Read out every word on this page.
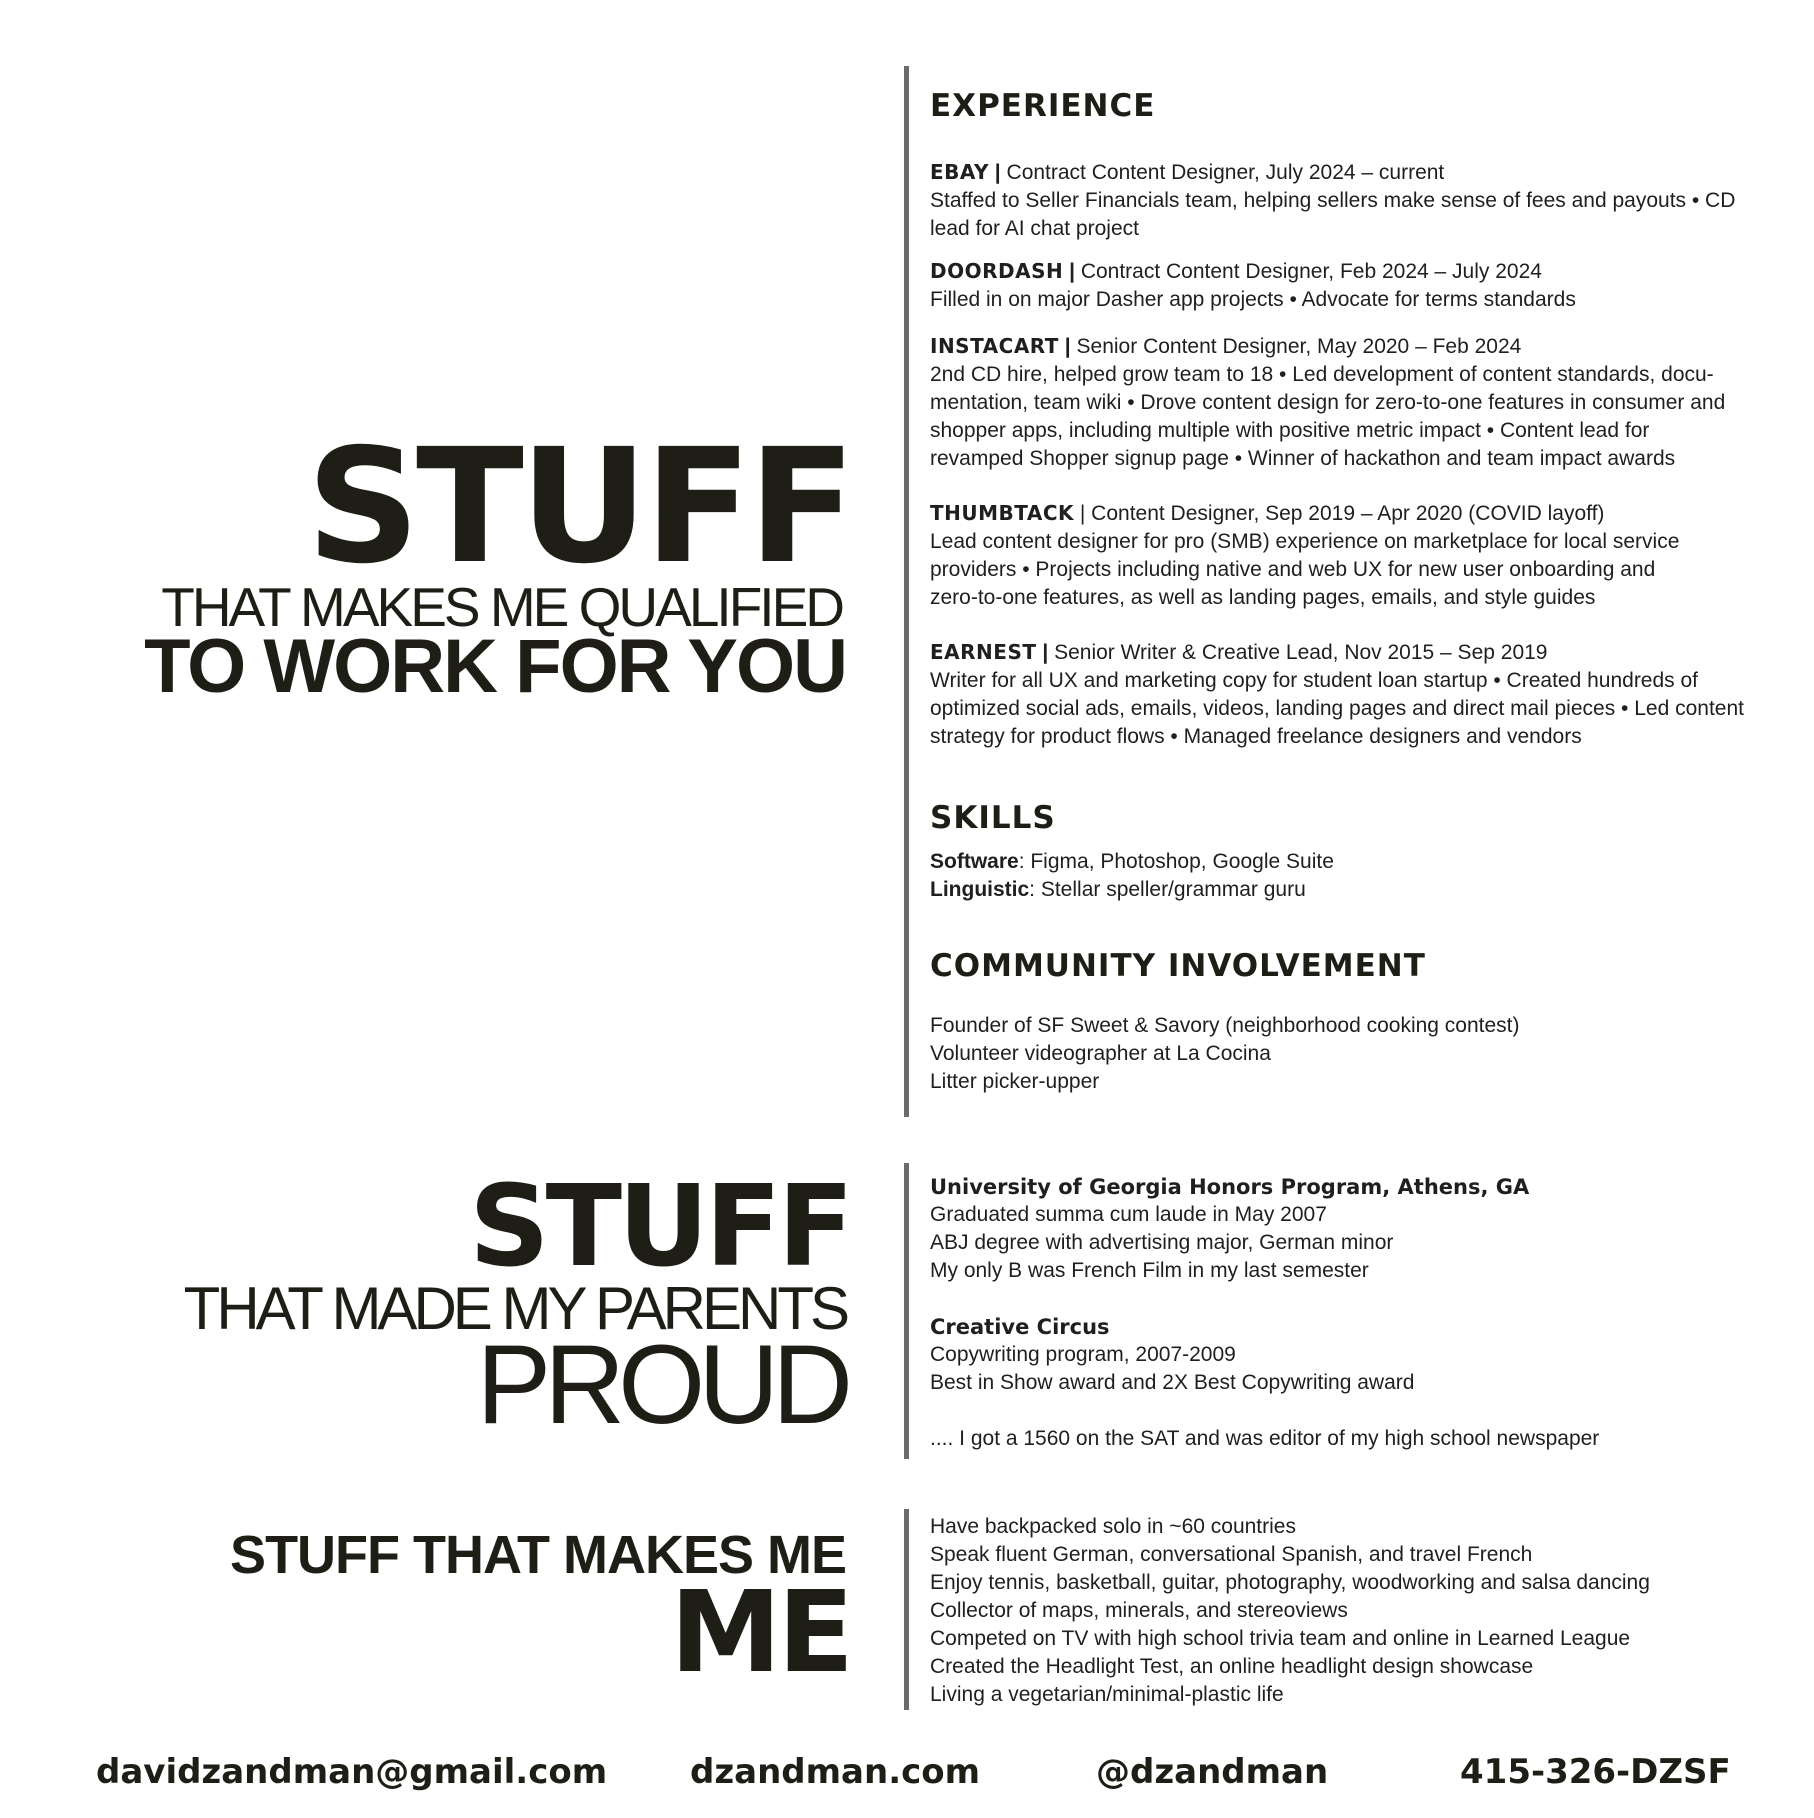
STUFF
THAT MAKES ME QUALIFIED
TO WORK FOR YOU
STUFF
THAT MADE MY PARENTS
PROUD
STUFF THAT MAKES ME
ME
EXPERIENCE
EBAY | Contract Content Designer, July 2024 – current
Staffed to Seller Financials team, helping sellers make sense of fees and payouts • CD
lead for AI chat project
DOORDASH | Contract Content Designer, Feb 2024 – July 2024
Filled in on major Dasher app projects • Advocate for terms standards
INSTACART | Senior Content Designer, May 2020 – Feb 2024
2nd CD hire, helped grow team to 18 • Led development of content standards, docu-
mentation, team wiki • Drove content design for zero-to-one features in consumer and
shopper apps, including multiple with positive metric impact • Content lead for
revamped Shopper signup page • Winner of hackathon and team impact awards
THUMBTACK | Content Designer, Sep 2019 – Apr 2020 (COVID layoff)
Lead content designer for pro (SMB) experience on marketplace for local service
providers • Projects including native and web UX for new user onboarding and
zero-to-one features, as well as landing pages, emails, and style guides
EARNEST | Senior Writer & Creative Lead, Nov 2015 – Sep 2019
Writer for all UX and marketing copy for student loan startup • Created hundreds of
optimized social ads, emails, videos, landing pages and direct mail pieces • Led content
strategy for product flows • Managed freelance designers and vendors
SKILLS
Software: Figma, Photoshop, Google Suite
Linguistic: Stellar speller/grammar guru
COMMUNITY INVOLVEMENT
Founder of SF Sweet & Savory (neighborhood cooking contest)
Volunteer videographer at La Cocina
Litter picker-upper
University of Georgia Honors Program, Athens, GA
Graduated summa cum laude in May 2007
ABJ degree with advertising major, German minor
My only B was French Film in my last semester
Creative Circus
Copywriting program, 2007-2009
Best in Show award and 2X Best Copywriting award
.... I got a 1560 on the SAT and was editor of my high school newspaper
Have backpacked solo in ~60 countries
Speak fluent German, conversational Spanish, and travel French
Enjoy tennis, basketball, guitar, photography, woodworking and salsa dancing
Collector of maps, minerals, and stereoviews
Competed on TV with high school trivia team and online in Learned League
Created the Headlight Test, an online headlight design showcase
Living a vegetarian/minimal-plastic life
davidzandman@gmail.com dzandman.com	@dzandman	415-326-DZSF
